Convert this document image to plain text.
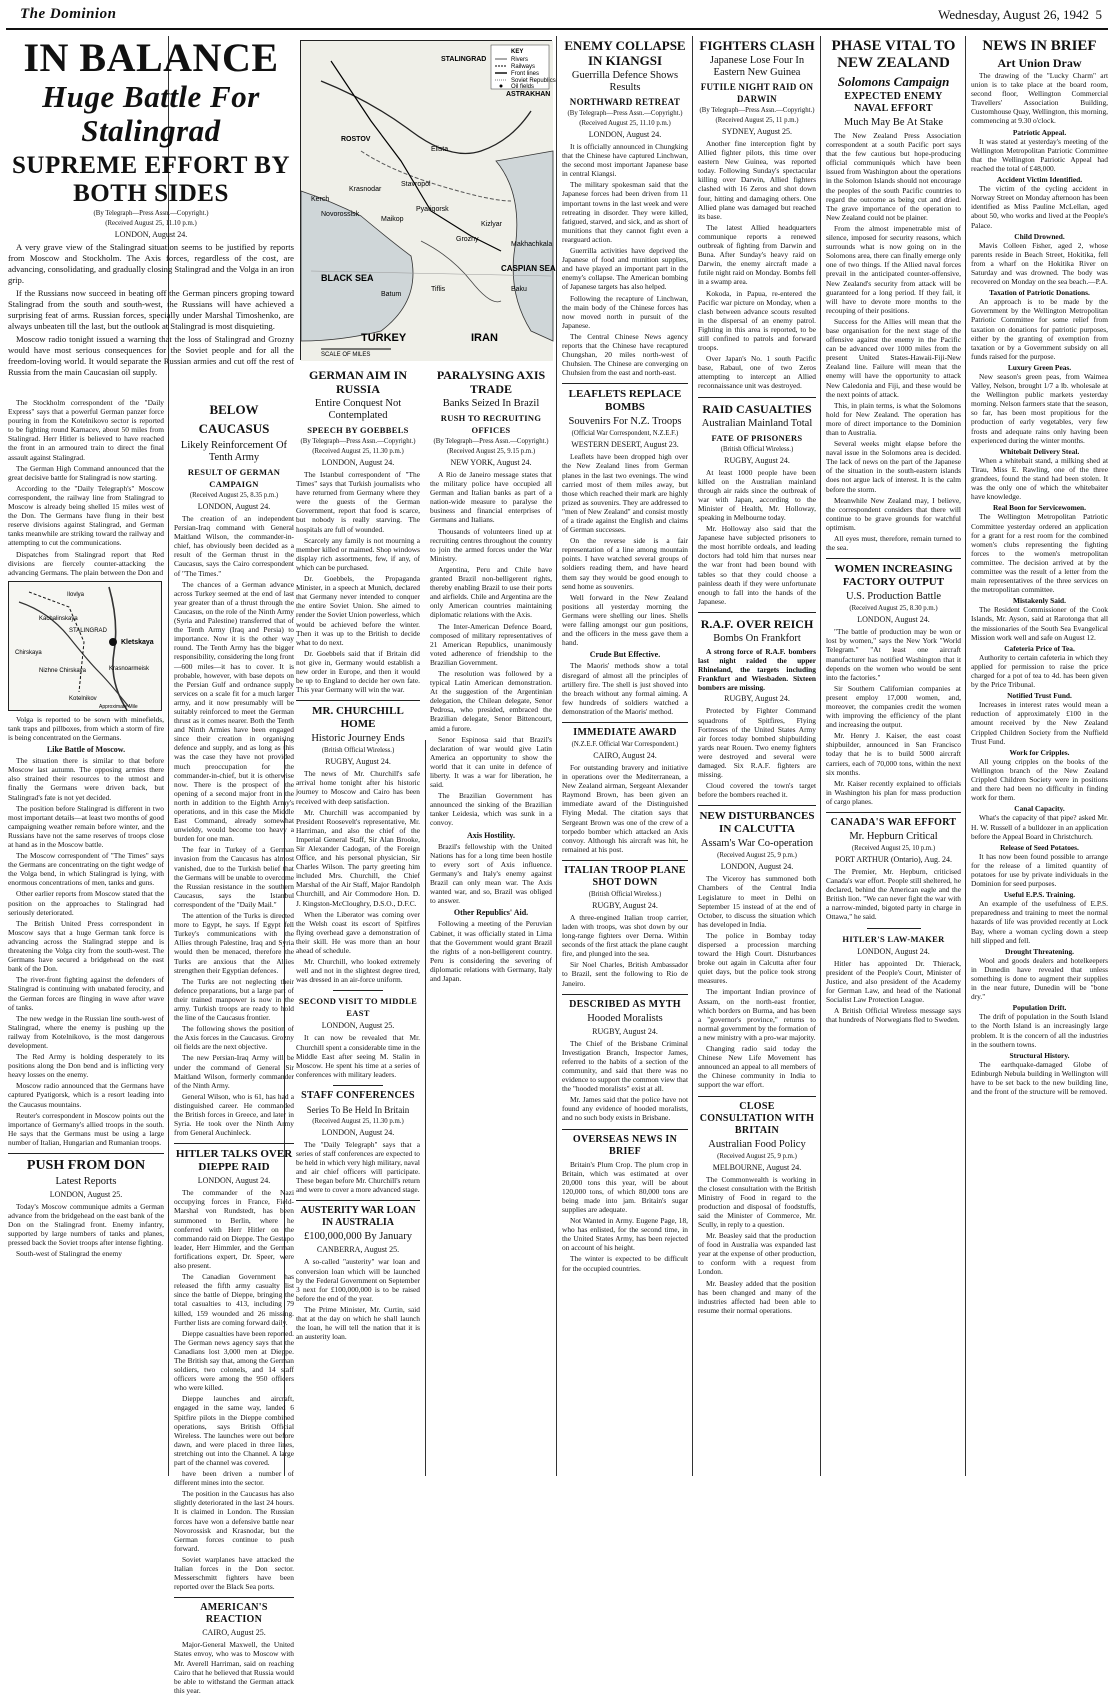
The Dominion	Wednesday, August 26, 1942 5
IN BALANCE
Huge Battle For Stalingrad
SUPREME EFFORT BY BOTH SIDES
(By Telegraph—Press Assn.—Copyright.)
(Received August 25, 11.10 p.m.)
LONDON, August 24.
A very grave view of the Stalingrad situation seems to be justified by reports from Moscow and Stockholm. The Axis forces, regardless of the cost, are advancing, consolidating, and gradually closing Stalingrad and the Volga in an iron grip.
If the Russians now succeed in beating off the German pincers groping toward Stalingrad from the south and south-west, the Russians will have achieved a surprising feat of arms. Russian forces, specially under Marshal Timoshenko, are always unbeaten till the last, but the outlook at Stalingrad is most disquieting.
Moscow radio tonight issued a warning that the loss of Stalingrad and Grozny would have most serious consequences for the Soviet people and for all the freedom-loving world. It would separate the Russian armies and cut off the rest of Russia from the main Caucasian oil supply.
The Stockholm correspondent of the "Daily Express" says that a powerful German panzer force pouring in from the Kotelnikovo sector is reported to be fighting round Karnacev, about 50 miles from Stalingrad. Herr Hitler is believed to have reached the front in an armoured train to direct the final assault against Stalingrad.
The German High Command announced that the great decisive battle for Stalingrad is now starting.
According to the "Daily Telegraph's" Moscow correspondent, the railway line from Stalingrad to Moscow is already being shelled 15 miles west of the Don. The Germans have flung in their best reserve divisions against Stalingrad, and German tanks meanwhile are striking toward the railway and attempting to cut the communications.
Dispatches from Stalingrad report that Red divisions are fiercely counter-attacking the advancing Germans. The plain between the Don and
Kletskaya
Ilovlya
Kachalinskaya
STALINGRAD
Chirskaya
Nizhne Chirskaya	Krasnoarmeisk
Kotelnikov
Approximate Mile
Volga is reported to be sown with minefields, tank traps and pillboxes, from which a storm of fire is being concentrated on the Germans.
Like Battle of Moscow.
The situation there is similar to that before Moscow last autumn. The opposing armies there also strained their resources to the utmost and finally the Germans were driven back, but Stalingrad's fate is not yet decided.
The position before Stalingrad is different in two most important details—at least two months of good campaigning weather remain before winter, and the Russians have not the same reserves of troops close at hand as in the Moscow battle.
The Moscow correspondent of "The Times" says the Germans are concentrating on the tight wedge of the Volga bend, in which Stalingrad is lying, with enormous concentrations of men, tanks and guns.
Other earlier reports from Moscow stated that the position on the approaches to Stalingrad had seriously deteriorated.
The British United Press correspondent in Moscow says that a huge German tank force is advancing across the Stalingrad steppe and is threatening the Volga city from the south-west. The Germans have secured a bridgehead on the east bank of the Don.
The river-front fighting against the defenders of Stalingrad is continuing with unabated ferocity, and the German forces are flinging in wave after wave of tanks.
The new wedge in the Russian line south-west of Stalingrad, where the enemy is pushing up the railway from Kotelnikovo, is the most dangerous development.
The Red Army is holding desperately to its positions along the Don bend and is inflicting very heavy losses on the enemy.
Moscow radio announced that the Germans have captured Pyatigorsk, which is a resort leading into the Caucasus mountains.
Reuter's correspondent in Moscow points out the importance of Germany's allied troops in the south. He says that the Germans must be using a large number of Italian, Hungarian and Rumanian troops.
PUSH FROM DON
Latest Reports
LONDON, August 25.
Today's Moscow communique admits a German advance from the bridgehead on the east bank of the Don on the Stalingrad front. Enemy infantry, supported by large numbers of tanks and planes, pressed back the Soviet troops after intense fighting.
South-west of Stalingrad the enemy
BELOW CAUCASUS
Likely Reinforcement Of Tenth Army
RESULT OF GERMAN CAMPAIGN
(Received August 25, 8.35 p.m.)
LONDON, August 24.
The creation of an independent Persian-Iraq command with General Maitland Wilson, the commander-in-chief, has obviously been decided as a result of the German thrust in the Caucasus, says the Cairo correspondent of "The Times."
The chances of a German advance across Turkey seemed at the end of last year greater than of a thrust through the Caucasus, on the role of the Ninth Army (Syria and Palestine) transferred that of the Tenth Army (Iraq and Persia) to importance. Now it is the other way round. The Tenth Army has the bigger responsibility, considering the long front—600 miles—it has to cover. It is probable, however, with base depots on the Persian Gulf and ordnance supply services on a scale fit for a much larger army, and it now presumably will be suitably reinforced to meet the German thrust as it comes nearer. Both the Tenth and Ninth Armies have been engaged since their creation in organising defence and supply, and as long as this was the case they have not provided much preoccupation for the commander-in-chief, but it is otherwise now. There is the prospect of the opening of a second major front in the north in addition to the Eighth Army's operations, and in this case the Middle East Command, already somewhat unwieldy, would become too heavy a burden for one man.
The fear in Turkey of a German invasion from the Caucasus has almost vanished, due to the Turkish belief that the Germans will be unable to overcome the Russian resistance in the southern Caucasus, says the Istanbul correspondent of the "Daily Mail."
The attention of the Turks is directed more to Egypt, he says. If Egypt fell Turkey's communications with the Allies through Palestine, Iraq and Syria would then be menaced, therefore the Turks are anxious that the Allies strengthen their Egyptian defences.
The Turks are not neglecting their defence preparations, but a large part of their trained manpower is now in the army. Turkish troops are ready to hold the line of the Caucasus frontier.
The following shows the position of the Axis forces in the Caucasus. Grozny oil fields are the next objective.
The new Persian-Iraq Army will be under the command of General Sir Maitland Wilson, formerly commander of the Ninth Army.
General Wilson, who is 61, has had a distinguished career. He commanded the British forces in Greece, and later in Syria. He took over the Ninth Army from General Auchinleck.
HITLER TALKS OVER DIEPPE RAID
LONDON, August 24.
The commander of the Nazi occupying forces in France, Field-Marshal von Rundstedt, has been summoned to Berlin, where he conferred with Herr Hitler on the commando raid on Dieppe. The Gestapo leader, Herr Himmler, and the German fortifications expert, Dr. Speer, were also present.
The Canadian Government has released the fifth army casualty list since the battle of Dieppe, bringing the total casualties to 413, including 79 killed, 159 wounded and 26 missing. Further lists are coming forward daily.
Dieppe casualties have been reported. The German news agency says that the Canadians lost 3,000 men at Dieppe. The British say that, among the German soldiers, two colonels, and 14 staff officers were among the 950 officers who were killed.
Dieppe launches and aircraft, engaged in the same way, landed 6 Spitfire pilots in the Dieppe combined operations, says British Official Wireless. The launches were out before dawn, and were placed in three lines, stretching out into the Channel. A large part of the channel was covered.
have been driven a number of different mines into the sector.
The position in the Caucasus has also slightly deteriorated in the last 24 hours. It is claimed in London. The Russian forces have won a defensive battle near Novorossisk and Krasnodar, but the German forces continue to push forward.
Soviet warplanes have attacked the Italian forces in the Don sector. Messerschmitt fighters have been reported over the Black Sea ports.
AMERICAN'S REACTION
CAIRO, August 25.
Major-General Maxwell, the United States envoy, who was to Moscow with Mr. Averell Harriman, said on reaching Cairo that he believed that Russia would be able to withstand the German attack this year.
STALINGRAD
ASTRAKHAN
ROSTOV
Krasnodar
Novorossisk
Maikop
Pyatigorsk
Grozny
BLACK SEA
CASPIAN SEA
TURKEY	IRAN
Batum
Tiflis	Baku
Kerch
Stavropol
Elista
Kizlyar
Makhachkala
KEY
Rivers
Railways
Front lines
Soviet Republics
Oil fields
SCALE OF MILES
GERMAN AIM IN RUSSIA
Entire Conquest Not Contemplated
SPEECH BY GOEBBELS
(By Telegraph—Press Assn.—Copyright.)
(Received August 25, 11.30 p.m.)
LONDON, August 24.
The Istanbul correspondent of "The Times" says that Turkish journalists who have returned from Germany where they were the guests of the German Government, report that food is scarce, but nobody is really starving. The hospitals are full of wounded.
Scarcely any family is not mourning a member killed or maimed. Shop windows display rich assortments, few, if any, of which can be purchased.
Dr. Goebbels, the Propaganda Minister, in a speech at Munich, declared that Germany never intended to conquer the entire Soviet Union. She aimed to render the Soviet Union powerless, which would be achieved before the winter. Then it was up to the British to decide what to do next.
Dr. Goebbels said that if Britain did not give in, Germany would establish a new order in Europe, and then it would be up to England to decide her own fate. This year Germany will win the war.
MR. CHURCHILL HOME
Historic Journey Ends
(British Official Wireless.)
RUGBY, August 24.
The news of Mr. Churchill's safe arrival home tonight after his historic journey to Moscow and Cairo has been received with deep satisfaction.
Mr. Churchill was accompanied by President Roosevelt's representative, Mr. Harriman, and also the chief of the Imperial General Staff, Sir Alan Brooke, Sir Alexander Cadogan, of the Foreign Office, and his personal physician, Sir Charles Wilson. The party greeting him included Mrs. Churchill, the Chief Marshal of the Air Staff, Major Randolph Churchill, and Air Commodore Hon. D. J. Kingston-McCloughry, D.S.O., D.F.C.
When the Liberator was coming over the Welsh coast its escort of Spitfires flying overhead gave a demonstration of their skill. He was more than an hour ahead of schedule.
Mr. Churchill, who looked extremely well and not in the slightest degree tired, was dressed in an air-force uniform.
SECOND VISIT TO MIDDLE EAST
LONDON, August 25.
It can now be revealed that Mr. Churchill spent a considerable time in the Middle East after seeing M. Stalin in Moscow. He spent his time at a series of conferences with military leaders.
STAFF CONFERENCES
Series To Be Held In Britain
(Received August 25, 11.30 p.m.)
LONDON, August 24.
The "Daily Telegraph" says that a series of staff conferences are expected to be held in which very high military, naval and air chief officers will participate. These began before Mr. Churchill's return and were to cover a more advanced stage.
AUSTERITY WAR LOAN IN AUSTRALIA
£100,000,000 By January
CANBERRA, August 25.
A so-called "austerity" war loan and conversion loan which will be launched by the Federal Government on September 3 next for £100,000,000 is to be raised before the end of the year.
The Prime Minister, Mr. Curtin, said that at the day on which he shall launch the loan, he will tell the nation that it is an austerity loan.
PARALYSING AXIS TRADE
Banks Seized In Brazil
RUSH TO RECRUITING OFFICES
(By Telegraph—Press Assn.—Copyright.)
(Received August 25, 9.15 p.m.)
NEW YORK, August 24.
A Rio de Janeiro message states that the military police have occupied all German and Italian banks as part of a nation-wide measure to paralyse the business and financial enterprises of Germans and Italians.
Thousands of volunteers lined up at recruiting centres throughout the country to join the armed forces under the War Ministry.
Argentina, Peru and Chile have granted Brazil non-belligerent rights, thereby enabling Brazil to use their ports and airfields. Chile and Argentina are the only American countries maintaining diplomatic relations with the Axis.
The Inter-American Defence Board, composed of military representatives of 21 American Republics, unanimously voted adherence of friendship to the Brazilian Government.
The resolution was followed by a typical Latin American demonstration. At the suggestion of the Argentinian delegation, the Chilean delegate, Senor Pedrosa, who presided, embraced the Brazilian delegate, Senor Bittencourt, amid a furore.
Senor Espinosa said that Brazil's declaration of war would give Latin America an opportunity to show the world that it can unite in defence of liberty. It was a war for liberation, he said.
The Brazilian Government has announced the sinking of the Brazilian tanker Leidesia, which was sunk in a convoy.
Axis Hostility.
Brazil's fellowship with the United Nations has for a long time been hostile to every sort of Axis influence. Germany's and Italy's enemy against Brazil can only mean war. The Axis wanted war, and so, Brazil was obliged to answer.
Other Republics' Aid.
Following a meeting of the Peruvian Cabinet, it was officially stated in Lima that the Government would grant Brazil the rights of a non-belligerent country. Peru is considering the severing of diplomatic relations with Germany, Italy and Japan.
ENEMY COLLAPSE IN KIANGSI
Guerrilla Defence Shows Results
NORTHWARD RETREAT
(By Telegraph—Press Assn.—Copyright.)
(Received August 25, 11.10 p.m.)
LONDON, August 24.
It is officially announced in Chungking that the Chinese have captured Linchwan, the second most important Japanese base in central Kiangsi.
The military spokesman said that the Japanese forces had been driven from 11 important towns in the last week and were retreating in disorder. They were killed, fatigued, starved, and sick, and as short of munitions that they cannot fight even a rearguard action.
Guerrilla activities have deprived the Japanese of food and munition supplies, and have played an important part in the enemy's collapse. The American bombing of Japanese targets has also helped.
Following the recapture of Linchwan, the main body of the Chinese forces has now moved north in pursuit of the Japanese.
The Central Chinese News agency reports that the Chinese have recaptured Chungshan, 20 miles north-west of Chuhsien. The Chinese are converging on Chuhsien from the east and north-east.
LEAFLETS REPLACE BOMBS
Souvenirs For N.Z. Troops
(Official War Correspondent, N.Z.E.F.)
WESTERN DESERT, August 23.
Leaflets have been dropped high over the New Zealand lines from German planes in the last two evenings. The wind carried most of them miles away, but those which reached their mark are highly prized as souvenirs. They are addressed to "men of New Zealand" and consist mostly of a tirade against the English and claims of German successes.
On the reverse side is a fair representation of a line among mountain points. I have watched several groups of soldiers reading them, and have heard them say they would be good enough to send home as souvenirs.
Well forward in the New Zealand positions all yesterday morning the Germans were shelling our lines. Shells were falling amongst our gun positions, and the officers in the mess gave them a hand.
Crude But Effective.
The Maoris' methods show a total disregard of almost all the principles of artillery fire. The shell is just shoved into the breach without any formal aiming. A few hundreds of soldiers watched a demonstration of the Maoris' method.
IMMEDIATE AWARD
(N.Z.E.F. Official War Correspondent.)
CAIRO, August 24.
For outstanding bravery and initiative in operations over the Mediterranean, a New Zealand airman, Sergeant Alexander Raymond Brown, has been given an immediate award of the Distinguished Flying Medal. The citation says that Sergeant Brown was one of the crew of a torpedo bomber which attacked an Axis convoy. Although his aircraft was hit, he remained at his post.
ITALIAN TROOP PLANE SHOT DOWN
(British Official Wireless.)
RUGBY, August 24.
A three-engined Italian troop carrier, laden with troops, was shot down by our long-range fighters over Derna. Within seconds of the first attack the plane caught fire, and plunged into the sea.
Sir Noel Charles, British Ambassador to Brazil, sent the following to Rio de Janeiro.
DESCRIBED AS MYTH
Hooded Moralists
RUGBY, August 24.
The Chief of the Brisbane Criminal Investigation Branch, Inspector James, referred to the habits of a section of the community, and said that there was no evidence to support the common view that the "hooded moralists" exist at all.
Mr. James said that the police have not found any evidence of hooded moralists, and no such body exists in Brisbane.
OVERSEAS NEWS IN BRIEF
Britain's Plum Crop. The plum crop in Britain, which was estimated at over 20,000 tons this year, will be about 120,000 tons, of which 80,000 tons are being made into jam. Britain's sugar supplies are adequate.
Not Wanted in Army. Eugene Page, 18, who has enlisted, for the second time, in the United States Army, has been rejected on account of his height.
The winter is expected to be difficult for the occupied countries.
FIGHTERS CLASH
Japanese Lose Four In Eastern New Guinea
FUTILE NIGHT RAID ON DARWIN
(By Telegraph—Press Assn.—Copyright.)
(Received August 25, 11 p.m.)
SYDNEY, August 25.
Another fine interception fight by Allied fighter pilots, this time over eastern New Guinea, was reported today. Following Sunday's spectacular killing over Darwin, Allied fighters clashed with 16 Zeros and shot down four, hitting and damaging others. One Allied plane was damaged but reached its base.
The latest Allied headquarters communique reports a renewed outbreak of fighting from Darwin and Buna. After Sunday's heavy raid on Darwin, the enemy aircraft made a futile night raid on Monday. Bombs fell in a swamp area.
Kokoda, in Papua, re-entered the Pacific war picture on Monday, when a clash between advance scouts resulted in the dispersal of an enemy patrol. Fighting in this area is reported, to be still confined to patrols and forward troops.
Over Japan's No. 1 south Pacific base, Rabaul, one of two Zeros attempting to intercept an Allied reconnaissance unit was destroyed.
RAID CASUALTIES
Australian Mainland Total
FATE OF PRISONERS
(British Official Wireless.)
RUGBY, August 24.
At least 1000 people have been killed on the Australian mainland through air raids since the outbreak of war with Japan, according to the Minister of Health, Mr. Holloway, speaking in Melbourne today.
Mr. Holloway also said that the Japanese have subjected prisoners to the most horrible ordeals, and leading doctors had told him that nurses near the war front had been bound with tables so that they could choose a painless death if they were unfortunate enough to fall into the hands of the Japanese.
R.A.F. OVER REICH
Bombs On Frankfort
A strong force of R.A.F. bombers last night raided the upper Rhineland, the targets including Frankfurt and Wiesbaden. Sixteen bombers are missing.
RUGBY, August 24.
Protected by Fighter Command squadrons of Spitfires, Flying Fortresses of the United States Army air forces today bombed shipbuilding yards near Rouen. Two enemy fighters were destroyed and several were damaged. Six R.A.F. fighters are missing.
Cloud covered the town's target before the bombers reached it.
NEW DISTURBANCES IN CALCUTTA
Assam's War Co-operation
(Received August 25, 9 p.m.)
LONDON, August 24.
The Viceroy has summoned both Chambers of the Central India Legislature to meet in Delhi on September 15 instead of at the end of October, to discuss the situation which has developed in India.
The police in Bombay today dispersed a procession marching toward the High Court. Disturbances broke out again in Calcutta after four quiet days, but the police took strong measures.
The important Indian province of Assam, on the north-east frontier, which borders on Burma, and has been a "governor's province," returns to normal government by the formation of a new ministry with a pro-war majority.
Changing radio said today the Chinese New Life Movement has announced an appeal to all members of the Chinese community in India to support the war effort.
CLOSE CONSULTATION WITH BRITAIN
Australian Food Policy
(Received August 25, 9 p.m.)
MELBOURNE, August 24.
The Commonwealth is working in the closest consultation with the British Ministry of Food in regard to the production and disposal of foodstuffs, said the Minister of Commerce, Mr. Scully, in reply to a question.
Mr. Beasley said that the production of food in Australia was expanded last year at the expense of other production, to conform with a request from London.
Mr. Beasley added that the position has been changed and many of the industries affected had been able to resume their normal operations.
PHASE VITAL TO NEW ZEALAND
Solomons Campaign
EXPECTED ENEMY NAVAL EFFORT
Much May Be At Stake
The New Zealand Press Association correspondent at a south Pacific port says that the few cautious but hope-producing official communiqués which have been issued from Washington about the operations in the Solomon Islands should not encourage the peoples of the south Pacific countries to regard the outcome as being cut and dried. The grave importance of the operation to New Zealand could not be plainer.
From the almost impenetrable mist of silence, imposed for security reasons, which surrounds what is now going on in the Solomons area, there can finally emerge only one of two things. If the Allied naval forces prevail in the anticipated counter-offensive, New Zealand's security from attack will be guaranteed for a long period. If they fail, it will have to devote more months to the recouping of their positions.
Success for the Allies will mean that the base organisation for the next stage of the offensive against the enemy in the Pacific can be advanced over 1000 miles from the present United States-Hawaii-Fiji-New Zealand line. Failure will mean that the enemy will have the opportunity to attack New Caledonia and Fiji, and these would be the next points of attack.
This, in plain terms, is what the Solomons hold for New Zealand. The operation has more of direct importance to the Dominion than to Australia.
Several weeks might elapse before the naval issue in the Solomons area is decided. The lack of news on the part of the Japanese of the situation in the south-eastern islands does not argue lack of interest. It is the calm before the storm.
Meanwhile New Zealand may, I believe, the correspondent considers that there will continue to be grave grounds for watchful optimism.
All eyes must, therefore, remain turned to the sea.
WOMEN INCREASING FACTORY OUTPUT
U.S. Production Battle
(Received August 25, 8.30 p.m.)
LONDON, August 24.
"The battle of production may be won or lost by women," says the New York "World Telegram." "At least one aircraft manufacturer has notified Washington that it depends on the women who would be sent into the factories."
Sir Southern Californian companies at present employ 17,000 women, and, moreover, the companies credit the women with improving the efficiency of the plant and increasing the output.
Mr. Henry J. Kaiser, the east coast shipbuilder, announced in San Francisco today that he is to build 5000 aircraft carriers, each of 70,000 tons, within the next six months.
Mr. Kaiser recently explained to officials in Washington his plan for mass production of cargo planes.
CANADA'S WAR EFFORT
Mr. Hepburn Critical
(Received August 25, 10 p.m.)
PORT ARTHUR (Ontario), Aug. 24.
The Premier, Mr. Hepburn, criticised Canada's war effort. People still sheltered, he declared, behind the American eagle and the British lion. "We can never fight the war with a narrow-minded, bigoted party in charge in Ottawa," he said.
HITLER'S LAW-MAKER
LONDON, August 24.
Hitler has appointed Dr. Thierack, president of the People's Court, Minister of Justice, and also president of the Academy for German Law, and head of the National Socialist Law Protection League.
A British Official Wireless message says that hundreds of Norwegians fled to Sweden.
NEWS IN BRIEF
Art Union Draw
The drawing of the "Lucky Charm" art union is to take place at the board room, second floor, Wellington Commercial Travellers' Association Building, Customhouse Quay, Wellington, this morning, commencing at 9.30 o'clock.
Patriotic Appeal.
It was stated at yesterday's meeting of the Wellington Metropolitan Patriotic Committee that the Wellington Patriotic Appeal had reached the total of £48,000.
Accident Victim Identified.
The victim of the cycling accident in Norway Street on Monday afternoon has been identified as Miss Pauline McLellan, aged about 50, who works and lived at the People's Palace.
Child Drowned.
Mavis Colleen Fisher, aged 2, whose parents reside in Beach Street, Hokitika, fell from a wharf on the Hokitika River on Saturday and was drowned. The body was recovered on Monday on the sea beach.—P.A.
Taxation of Patriotic Donations.
An approach is to be made by the Government by the Wellington Metropolitan Patriotic Committee for some relief from taxation on donations for patriotic purposes, either by the granting of exemption from taxation or by a Government subsidy on all funds raised for the purpose.
Luxury Green Peas.
New season's green peas, from Waimea Valley, Nelson, brought 1/7 a lb. wholesale at the Wellington public markets yesterday morning. Nelson farmers state that the season, so far, has been most propitious for the production of early vegetables, very few frosts and adequate rains only having been experienced during the winter months.
Whitebait Delivery Steal.
When a whitebait stand, a milking shed at Tirau, Miss E. Rawling, one of the three grandees, found the stand had been stolen. It was the only one of which the whitebaiter have knowledge.
Real Boon for Servicewomen.
The Wellington Metropolitan Patriotic Committee yesterday ordered an application for a grant for a rest room for the combined women's clubs representing the fighting forces to the women's metropolitan committee. The decision arrived at by the committee was the result of a letter from the main representatives of the three services on the metropolitan committee.
Mistakenly Said.
The Resident Commissioner of the Cook Islands, Mr. Ayson, said at Rarotonga that all the missionaries of the South Sea Evangelical Mission work well and safe on August 12.
Cafeteria Price of Tea.
Authority to certain cafeteria in which they applied for permission to raise the price charged for a pot of tea to 4d. has been given by the Price Tribunal.
Notified Trust Fund.
Increases in interest rates would mean a reduction of approximately £100 in the amount received by the New Zealand Crippled Children Society from the Nuffield Trust Fund.
Work for Cripples.
All young cripples on the books of the Wellington branch of the New Zealand Crippled Children Society were in positions and there had been no difficulty in finding work for them.
Canal Capacity.
What's the capacity of that pipe? asked Mr. H. W. Russell of a bulldozer in an application before the Appeal Board in Christchurch.
Release of Seed Potatoes.
It has now been found possible to arrange for the release of a limited quantity of potatoes for use by private individuals in the Dominion for seed purposes.
Useful E.P.S. Training.
An example of the usefulness of E.P.S. preparedness and training to meet the normal hazards of life was provided recently at Lock Bay, where a woman cycling down a steep hill slipped and fell.
Drought Threatening.
Wool and goods dealers and hotelkeepers in Dunedin have revealed that unless something is done to augment their supplies in the near future, Dunedin will be "bone dry."
Population Drift.
The drift of population in the South Island to the North Island is an increasingly large problem. It is the concern of all the industries in the southern towns.
Structural History.
The earthquake-damaged Globe of Edinburgh Nebula building in Wellington will have to be set back to the new building line, and the front of the structure will be removed.
